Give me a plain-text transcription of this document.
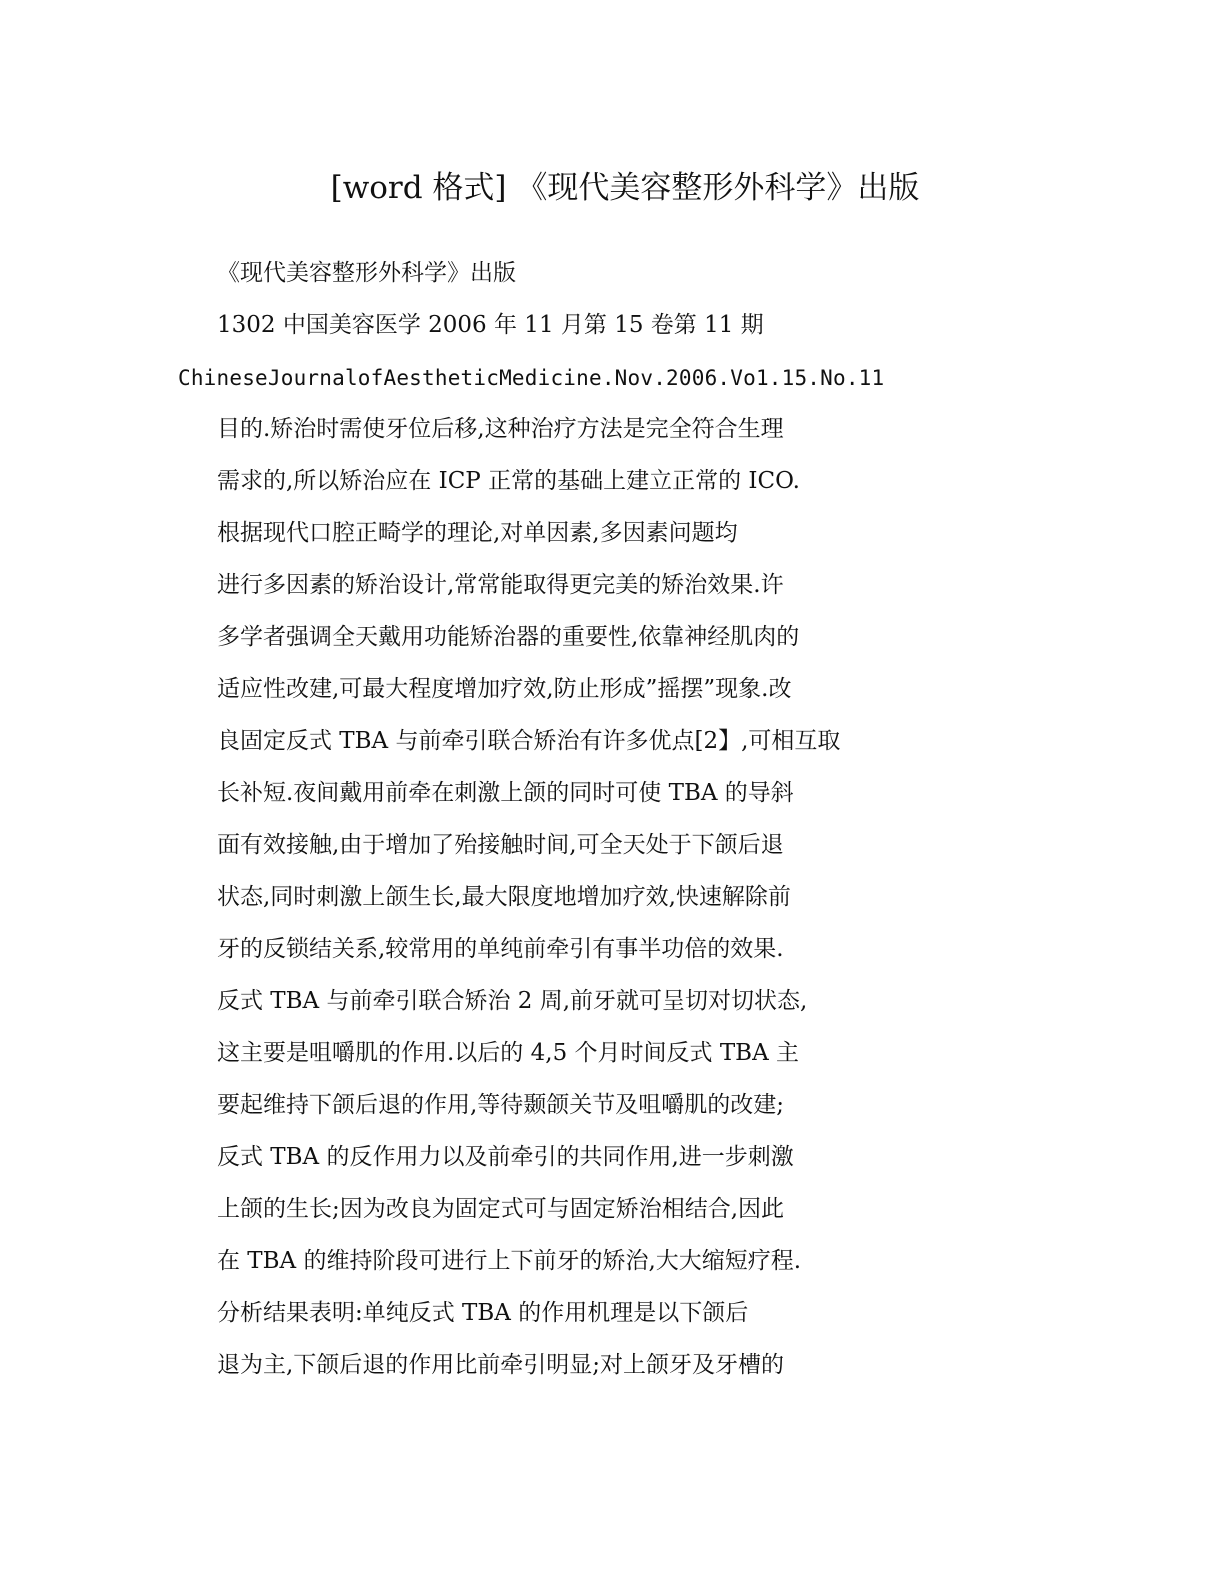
[word 格式] 《现代美容整形外科学》出版
《现代美容整形外科学》出版
1302 中国美容医学 2006 年 11 月第 15 卷第 11 期
ChineseJournalofAestheticMedicine.Nov.2006.Vo1.15.No.11
目的.矫治时需使牙位后移,这种治疗方法是完全符合生理
需求的,所以矫治应在 ICP 正常的基础上建立正常的 ICO.
根据现代口腔正畸学的理论,对单因素,多因素问题均
进行多因素的矫治设计,常常能取得更完美的矫治效果.许
多学者强调全天戴用功能矫治器的重要性,依靠神经肌肉的
适应性改建,可最大程度增加疗效,防止形成”摇摆”现象.改
良固定反式 TBA 与前牵引联合矫治有许多优点[2】,可相互取
长补短.夜间戴用前牵在刺激上颌的同时可使 TBA 的导斜
面有效接触,由于增加了殆接触时间,可全天处于下颌后退
状态,同时刺激上颌生长,最大限度地增加疗效,快速解除前
牙的反锁结关系,较常用的单纯前牵引有事半功倍的效果.
反式 TBA 与前牵引联合矫治 2 周,前牙就可呈切对切状态,
这主要是咀嚼肌的作用.以后的 4,5 个月时间反式 TBA 主
要起维持下颌后退的作用,等待颞颌关节及咀嚼肌的改建;
反式 TBA 的反作用力以及前牵引的共同作用,进一步刺激
上颌的生长;因为改良为固定式可与固定矫治相结合,因此
在 TBA 的维持阶段可进行上下前牙的矫治,大大缩短疗程.
分析结果表明:单纯反式 TBA 的作用机理是以下颌后
退为主,下颌后退的作用比前牵引明显;对上颌牙及牙槽的
